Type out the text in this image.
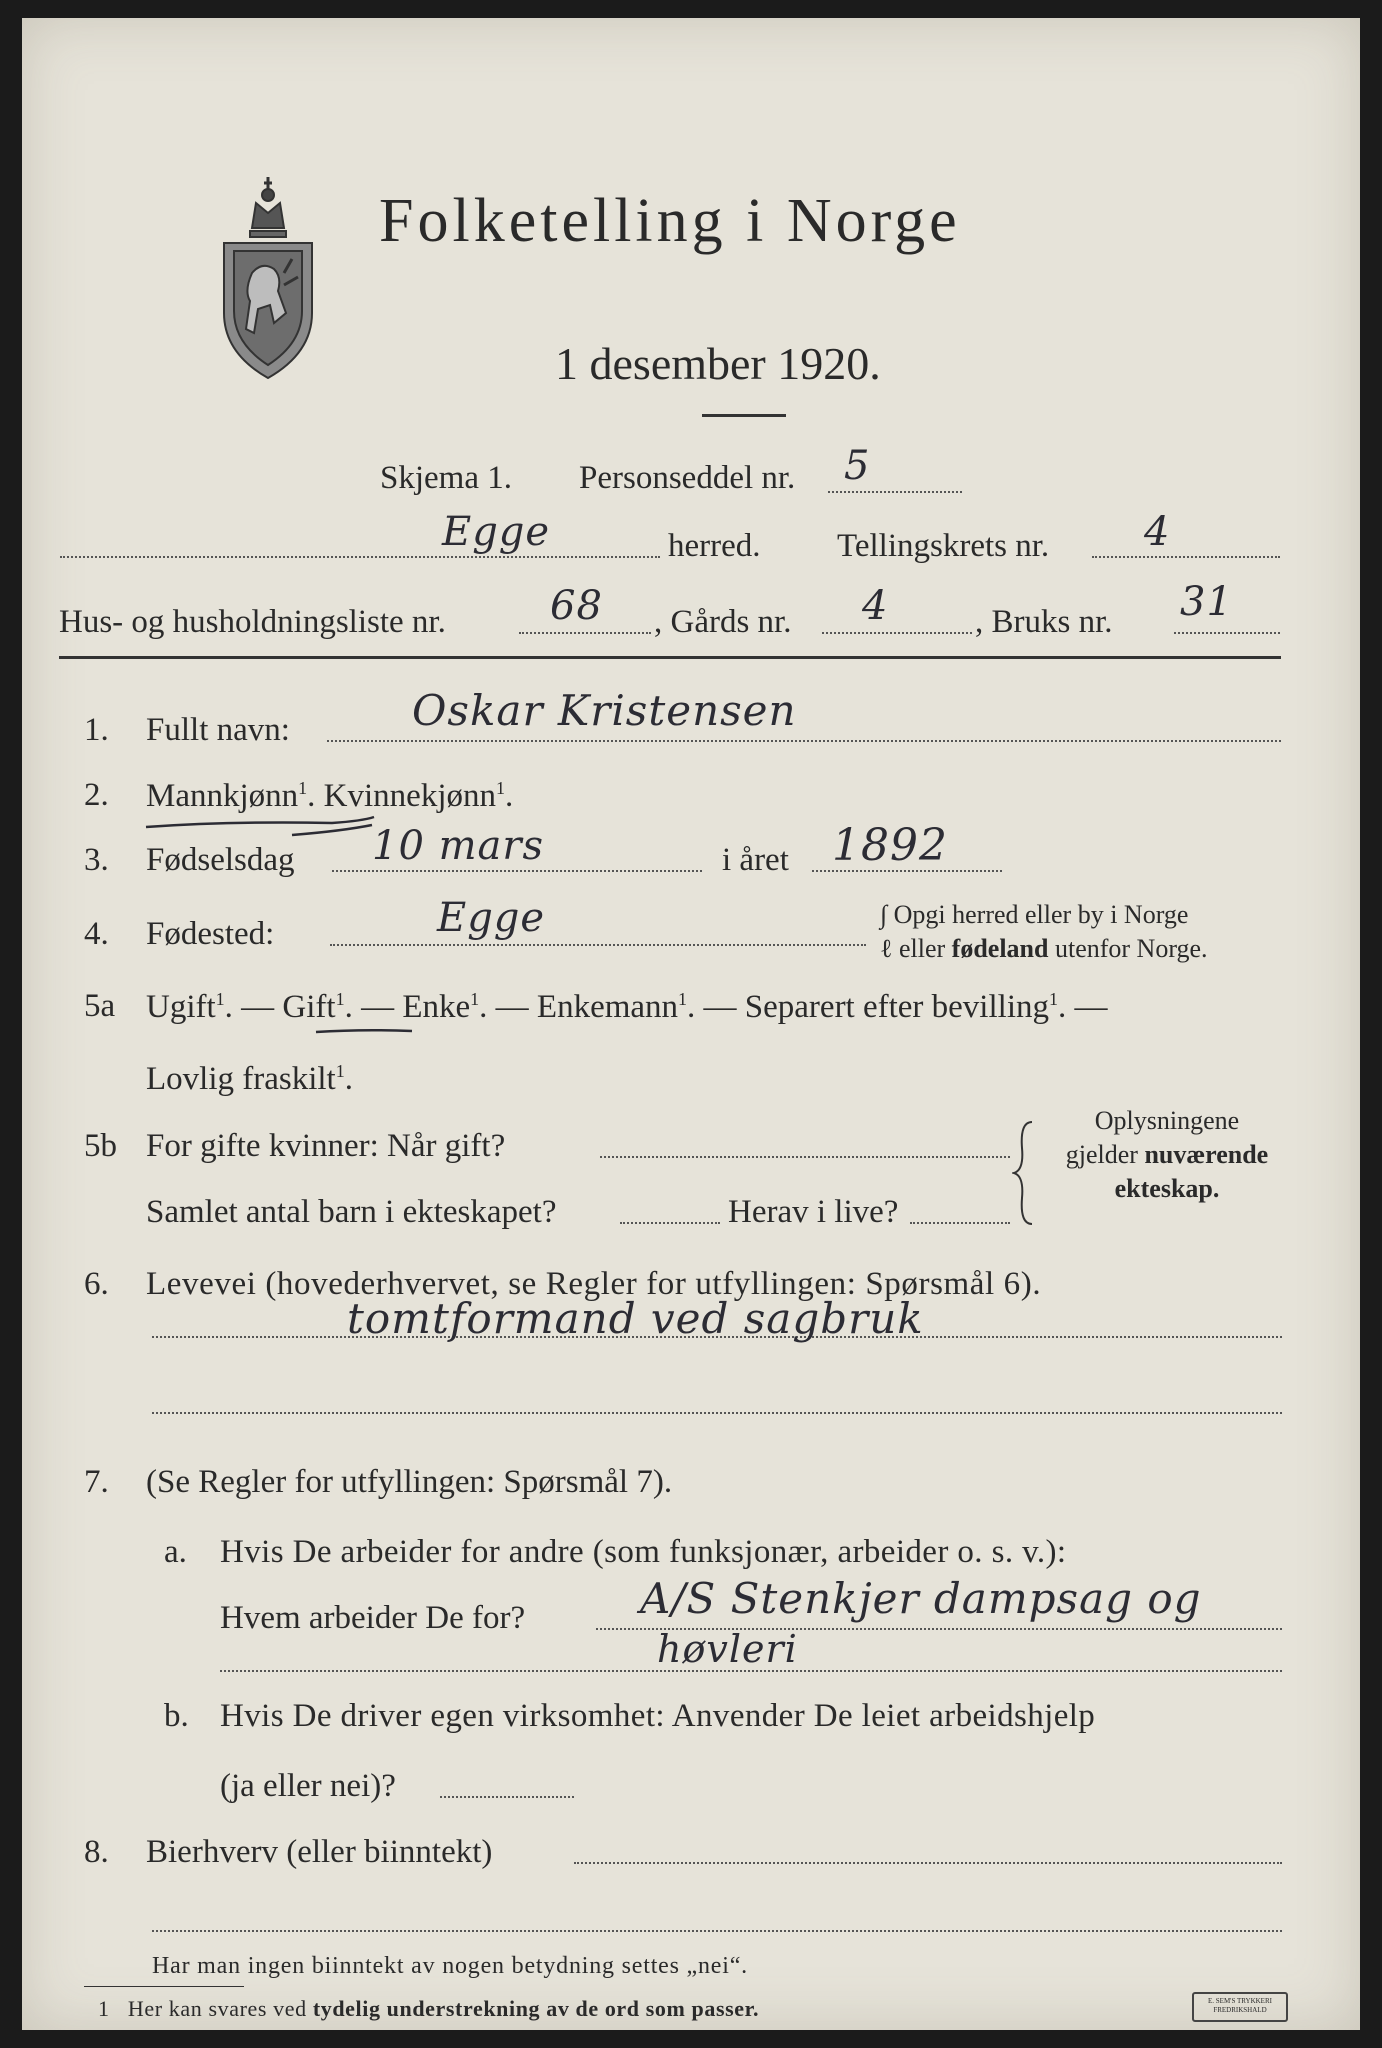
Folketelling i Norge
1 desember 1920.
Skjema 1. Personseddel nr. 5
Egge	herred. Tellingskrets nr. 4
Hus- og husholdningsliste nr.	68 , Gårds nr. 4	, Bruks nr. 31
1. Fullt navn:	Oskar Kristensen
2. Mannkjønn$^1$. Kvinnekjønn$^1$.
3. Fødselsdag 10 mars	i året 1892
4. Fødested:	Egge	∫ Opgi herred eller by i Norge
ℓ eller fødeland utenfor Norge.
5a Ugift$^1$. — Gift$^1$. — Enke$^1$. — Enkemann$^1$. — Separert efter bevilling$^1$. —
Lovlig fraskilt$^1$.
5b For gifte kvinner: Når gift?
Samlet antal barn i ekteskapet?	Herav i live?
Oplysningene
gjelder nuværende
ekteskap.
6. Levevei (hovederhvervet, se Regler for utfyllingen: Spørsmål 6).
tomtformand ved sagbruk
7. (Se Regler for utfyllingen: Spørsmål 7).
a. Hvis De arbeider for andre (som funksjonær, arbeider o. s. v.):
Hvem arbeider De for?	A/S Stenkjer dampsag og
høvleri
b. Hvis De driver egen virksomhet: Anvender De leiet arbeidshjelp
(ja eller nei)?
8. Bierhverv (eller biinntekt)
Har man ingen biinntekt av nogen betydning settes „nei“.
1 Her kan svares ved tydelig understrekning av de ord som passer.	E. SEM'S TRYKKERI
FREDRIKSHALD
